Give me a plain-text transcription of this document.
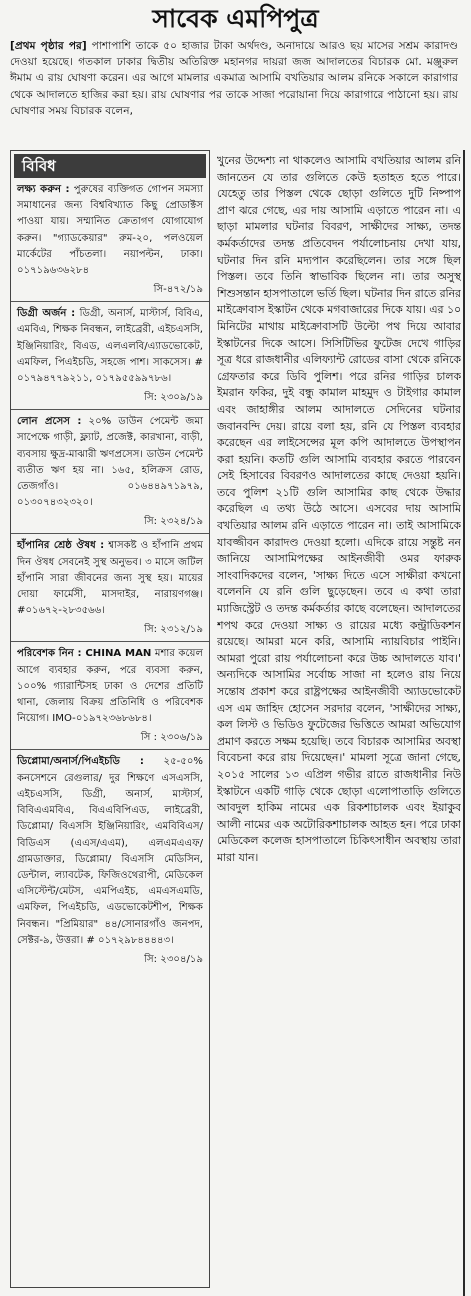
সাবেক এমপিপুত্র

[প্রথম পৃষ্ঠার পর] পাশাপাশি তাকে ৫০ হাজার টাকা অর্থদণ্ড, অনাদায়ে আরও ছয় মাসের সশ্রম কারাদণ্ড দেওয়া হয়েছে। গতকাল ঢাকার দ্বিতীয় অতিরিক্ত মহানগর দায়রা জজ আদালতের বিচারক মো. মঞ্জুরুল ঈমাম এ রায় ঘোষণা করেন। এর আগে মামলার একমাত্র আসামি বখতিয়ার আলম রনিকে সকালে কারাগার থেকে আদালতে হাজির করা হয়। রায় ঘোষণার পর তাকে সাজা পরোয়ানা দিয়ে কারাগারে পাঠানো হয়। রায় ঘোষণার সময় বিচারক বলেন,

বিবিধ

লক্ষ্য করুন : পুরুষের ব্যক্তিগত গোপন সমস্যা সমাধানের জন্য বিশ্ববিখ্যাত কিছু প্রোডাক্টস পাওয়া যায়। সম্মানিত ক্রেতাগণ যোগাযোগ করুন। "গ্যাডকেয়ার" রুম-২০, পলওয়েল মার্কেটের পাঁচতলা। নয়াপল্টন, ঢাকা। ০১৭১৯৬৩৬২৮৪

সি-৪৭২/১৯

ডিগ্রী অর্জন : ডিগ্রী, অনার্স, মাস্টার্স, বিবিএ, এমবিএ, শিক্ষক নিবন্ধন, লাইব্রেরী, এইচএসসি, ইঞ্জিনিয়ারিং, বিএড, এলএলবি/এ্যাডভোকেট, এমফিল, পিএইচডি, সহজে পাশ। সাকসেস। # ০১৭৯৪৭৭৯২১১, ০১৭৯৫৫৯৯৭৮৬।

সি: ২৩০৯/১৯

লোন প্রসেস : ২০% ডাউন পেমেন্ট জমা সাপেক্ষে গাড়ী, ফ্ল্যাট, প্রজেক্ট, কারখানা, বাড়ী, ব্যবসায় ক্ষুদ্র-মাঝারী ঋণপ্রসেস। ডাউন পেমেন্ট ব্যতীত ঋণ হয় না। ১৬৫, হলিক্রস রোড, তেজগাঁও। ০১৬৪৪৯৭১৯৭৯, ০১৩০৭৪৩২৩২০।

সি: ২৩২৪/১৯

হাঁপানির শ্রেষ্ঠ ঔষধ : শ্বাসকষ্ট ও হাঁপানি প্রথম দিন ঔষধ সেবনেই সুস্থ অনুভব। ৩ মাসে জটিল হাঁপানি সারা জীবনের জন্য সুস্থ হয়। মায়ের দোয়া ফার্মেসী, মাসদাইর, নারায়ণগঞ্জ। #০১৬৭২-২৮৩৫৬৬।

সি: ২৩১২/১৯

পরিবেশক নিন : CHINA MAN মশার কয়েল আগে ব্যবহার করুন, পরে ব্যবসা করুন, ১০০% গ্যারান্টিসহ ঢাকা ও দেশের প্রতিটি থানা, জেলায় বিক্রয় প্রতিনিধি ও পরিবেশক নিয়োগ। IMO-০১৯৭২৩৬৮৬৮৪।

সি : ২৩০৬/১৯

ডিপ্লোমা/অনার্স/পিএইচডি : ২৫-৫০% কনসেশনে রেগুলার/ দুর শিক্ষণে এসএসসি, এইচএসসি, ডিগ্রী, অনার্স, মাস্টার্স, বিবিএএমবিএ, বিএএবিপিএড, লাইব্রেরী, ডিপ্লোমা/ বিএসসি ইঞ্জিনিয়ারিং, এমবিবিএস/বিডিএস (এএস/এএম), এলএমএএফ/ গ্রামডাক্তার, ডিপ্লোমা/ বিএসসি মেডিসিন, ডেন্টাল, ল্যাবটেক, ফিজিওথেরাপী, মেডিকেল এসিস্টেন্ট/মেটস, এমপিএইচ, এমএসএমডি, এমফিল, পিএইচডি, এডভোকেটশীপ, শিক্ষক নিবন্ধন। "প্রিমিয়ার" ৪৪/সোনারগাঁও জনপদ, সেক্টর-৯, উত্তরা। # ০১৭২৯৮৪৪৪৪৩।

সি: ২৩০৪/১৯

খুনের উদ্দেশ্য না থাকলেও আসামি বখতিয়ার আলম রনি জানতেন যে তার গুলিতে কেউ হতাহত হতে পারে। যেহেতু তার পিস্তল থেকে ছোড়া গুলিতে দুটি নিষ্পাপ প্রাণ ঝরে গেছে, এর দায় আসামি এড়াতে পারেন না। এ ছাড়া মামলার ঘটনার বিবরণ, সাক্ষীদের সাক্ষ্য, তদন্ত কর্মকর্তাদের তদন্ত প্রতিবেদন পর্যালোচনায় দেখা যায়, ঘটনার দিন রনি মদ্যপান করেছিলেন। তার সঙ্গে ছিল পিস্তল। তবে তিনি স্বাভাবিক ছিলেন না। তার অসুস্থ শিশুসন্তান হাসপাতালে ভর্তি ছিল। ঘটনার দিন রাতে রনির মাইক্রোবাস ইস্কাটন থেকে মগবাজারের দিকে যায়। এর ১০ মিনিটের মাথায় মাইক্রোবাসটি উল্টো পথ দিয়ে আবার ইস্কাটনের দিকে আসে। সিসিটিভির ফুটেজ দেখে গাড়ির সূত্র ধরে রাজধানীর এলিফ্যান্ট রোডের বাসা থেকে রনিকে গ্রেফতার করে ডিবি পুলিশ। পরে রনির গাড়ির চালক ইমরান ফকির, দুই বন্ধু কামাল মাহমুদ ও টাইগার কামাল এবং জাহাঙ্গীর আলম আদালতে সেদিনের ঘটনার জবানবন্দি দেয়। রায়ে বলা হয়, রনি যে পিস্তল ব্যবহার করেছেন এর লাইসেন্সের মূল কপি আদালতে উপস্থাপন করা হয়নি। কতটি গুলি আসামি ব্যবহার করতে পারবেন সেই হিসাবের বিবরণও আদালতের কাছে দেওয়া হয়নি। তবে পুলিশ ২১টি গুলি আসামির কাছ থেকে উদ্ধার করেছিল এ তথ্য উঠে আসে। এসবের দায় আসামি বখতিয়ার আলম রনি এড়াতে পারেন না। তাই আসামিকে যাবজ্জীবন কারাদণ্ড দেওয়া হলো। এদিকে রায়ে সন্তুষ্ট নন জানিয়ে আসামিপক্ষের আইনজীবী ওমর ফারুক সাংবাদিকদের বলেন, 'সাক্ষ্য দিতে এসে সাক্ষীরা কখনো বলেননি যে রনি গুলি ছুড়েছেন। তবে এ কথা তারা ম্যাজিস্ট্রেট ও তদন্ত কর্মকর্তার কাছে বলেছেন। আদালতের শপথ করে দেওয়া সাক্ষ্য ও রায়ের মধ্যে কন্ট্রাডিকশন রয়েছে। আমরা মনে করি, আসামি ন্যায়বিচার পাইনি। আমরা পুরো রায় পর্যালোচনা করে উচ্চ আদালতে যাব।' অন্যদিকে আসামির সর্বোচ্চ সাজা না হলেও রায় নিয়ে সন্তোষ প্রকাশ করে রাষ্ট্রপক্ষের আইনজীবী অ্যাডভোকেট এস এম জাহিদ হোসেন সরদার বলেন, 'সাক্ষীদের সাক্ষ্য, কল লিস্ট ও ভিডিও ফুটেজের ভিত্তিতে আমরা অভিযোগ প্রমাণ করতে সক্ষম হয়েছি। তবে বিচারক আসামির অবস্থা বিবেচনা করে রায় দিয়েছেন।' মামলা সূত্রে জানা গেছে, ২০১৫ সালের ১৩ এপ্রিল গভীর রাতে রাজধানীর নিউ ইস্কাটনে একটি গাড়ি থেকে ছোড়া এলোপাতাড়ি গুলিতে আবদুল হাকিম নামের এক রিকশাচালক এবং ইয়াকুব আলী নামের এক অটোরিকশাচালক আহত হন। পরে ঢাকা মেডিকেল কলেজ হাসপাতালে চিকিৎসাধীন অবস্থায় তারা মারা যান।
